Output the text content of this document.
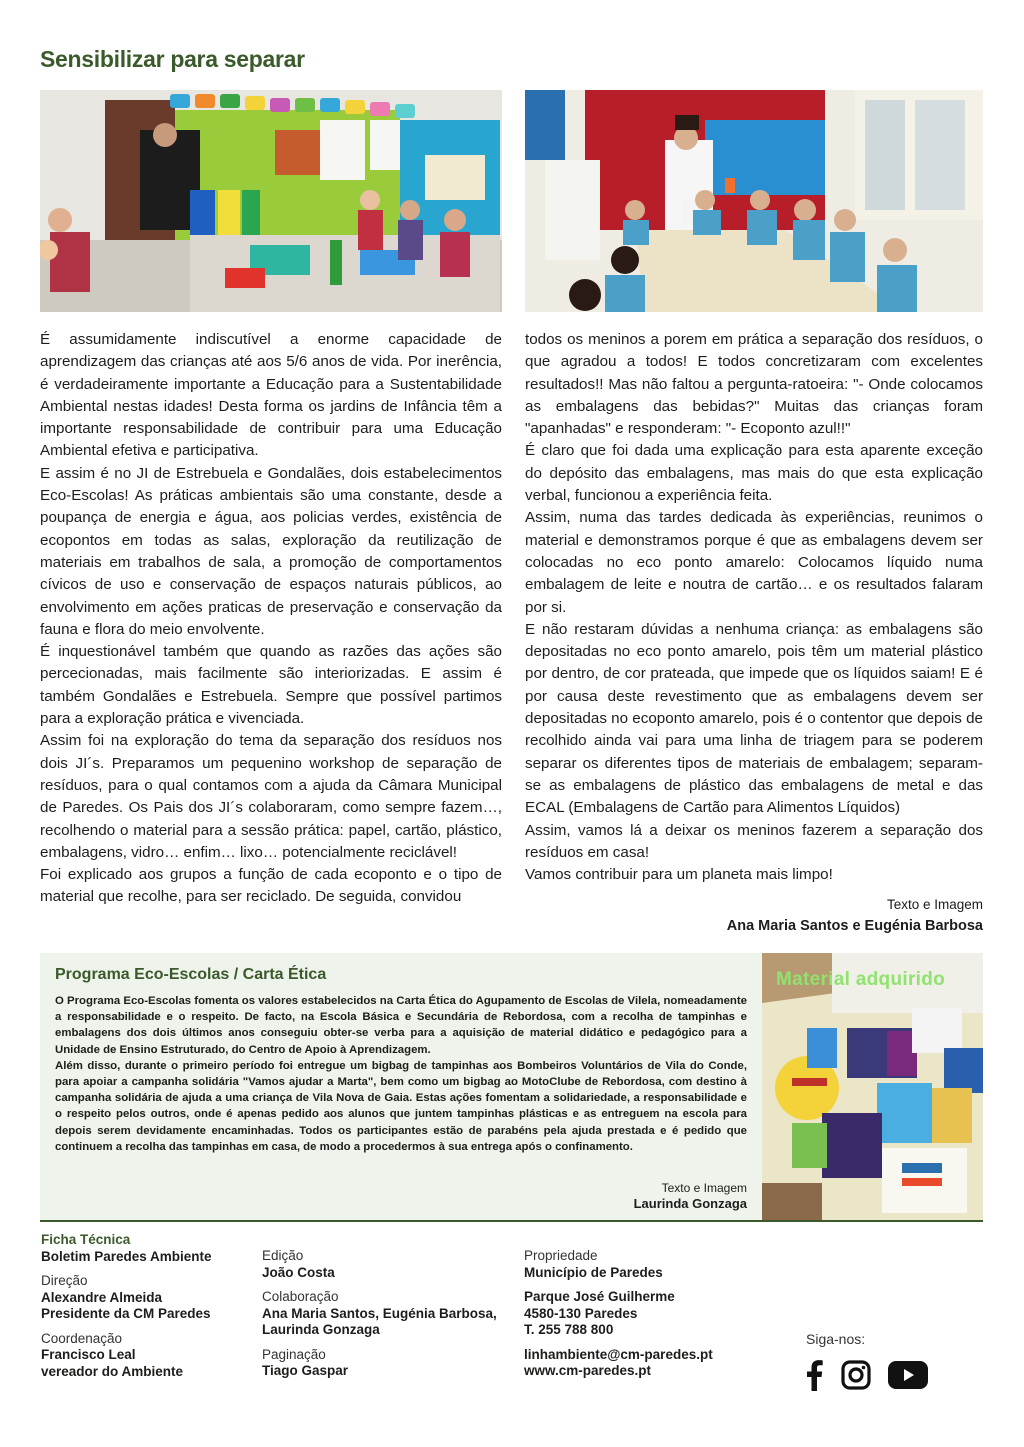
Sensibilizar para separar

É assumidamente indiscutível a enorme capacidade de aprendizagem das crianças até aos 5/6 anos de vida. Por inerência, é verdadeiramente importante a Educação para a Sustentabilidade Ambiental nestas idades! Desta forma os jardins de Infância têm a importante responsabilidade de contribuir para uma Educação Ambiental efetiva e participativa.

E assim é no JI de Estrebuela e Gondalães, dois estabelecimentos Eco-Escolas! As práticas ambientais são uma constante, desde a poupança de energia e água, aos policias verdes, existência de ecopontos em todas as salas, exploração da reutilização de materiais em trabalhos de sala, a promoção de comportamentos cívicos de uso e conservação de espaços naturais públicos, ao envolvimento em ações praticas de preservação e conservação da fauna e flora do meio envolvente.

É inquestionável também que quando as razões das ações são percecionadas, mais facilmente são interiorizadas. E assim é também Gondalães e Estrebuela. Sempre que possível partimos para a exploração prática e vivenciada.

Assim foi na exploração do tema da separação dos resíduos nos dois JI´s. Preparamos um pequenino workshop de separação de resíduos, para o qual contamos com a ajuda da Câmara Municipal de Paredes. Os Pais dos JI´s colaboraram, como sempre fazem…, recolhendo o material para a sessão prática: papel, cartão, plástico, embalagens, vidro… enfim… lixo… potencialmente reciclável!

Foi explicado aos grupos a função de cada ecoponto e o tipo de material que recolhe, para ser reciclado. De seguida, convidou

todos os meninos a porem em prática a separação dos resíduos, o que agradou a todos! E todos concretizaram com excelentes resultados!! Mas não faltou a pergunta-ratoeira: "- Onde colocamos as embalagens das bebidas?" Muitas das crianças foram "apanhadas" e responderam: "- Ecoponto azul!!"

É claro que foi dada uma explicação para esta aparente exceção do depósito das embalagens, mas mais do que esta explicação verbal, funcionou a experiência feita.

Assim, numa das tardes dedicada às experiências, reunimos o material e demonstramos porque é que as embalagens devem ser colocadas no eco ponto amarelo: Colocamos líquido numa embalagem de leite e noutra de cartão… e os resultados falaram por si.

E não restaram dúvidas a nenhuma criança: as embalagens são depositadas no eco ponto amarelo, pois têm um material plástico por dentro, de cor prateada, que impede que os líquidos saiam! E é por causa deste revestimento que as embalagens devem ser depositadas no ecoponto amarelo, pois é o contentor que depois de recolhido ainda vai para uma linha de triagem para se poderem separar os diferentes tipos de materiais de embalagem; separam-se as embalagens de plástico das embalagens de metal e das ECAL (Embalagens de Cartão para Alimentos Líquidos)

Assim, vamos lá a deixar os meninos fazerem a separação dos resíduos em casa!

Vamos contribuir para um planeta mais limpo!

Texto e Imagem
Ana Maria Santos e Eugénia Barbosa
Programa Eco-Escolas / Carta Ética

O Programa Eco-Escolas fomenta os valores estabelecidos na Carta Ética do Agupamento de Escolas de Vilela, nomeadamente a responsabilidade e o respeito. De facto, na Escola Básica e Secundária de Rebordosa, com a recolha de tampinhas e embalagens dos dois últimos anos conseguiu obter-se verba para a aquisição de material didático e pedagógico para a Unidade de Ensino Estruturado, do Centro de Apoio à Aprendizagem.

Além disso, durante o primeiro período foi entregue um bigbag de tampinhas aos Bombeiros Voluntários de Vila do Conde, para apoiar a campanha solidária "Vamos ajudar a Marta", bem como um bigbag ao MotoClube de Rebordosa, com destino à campanha solidária de ajuda a uma criança de Vila Nova de Gaia. Estas ações fomentam a solidariedade, a responsabilidade e o respeito pelos outros, onde é apenas pedido aos alunos que juntem tampinhas plásticas e as entreguem na escola para depois serem devidamente encaminhadas. Todos os participantes estão de parabéns pela ajuda prestada e é pedido que continuem a recolha das tampinhas em casa, de modo a procedermos à sua entrega após o confinamento.

Texto e Imagem
Laurinda Gonzaga
Material adquirido
Ficha Técnica
Boletim Paredes Ambiente
Direção
Alexandre Almeida
Presidente da CM Paredes
Coordenação
Francisco Leal
vereador do Ambiente
Edição
João Costa
Colaboração
Ana Maria Santos, Eugénia Barbosa,
Laurinda Gonzaga
Paginação
Tiago Gaspar
Propriedade
Município de Paredes
Parque José Guilherme
4580-130 Paredes
T. 255 788 800
linhambiente@cm-paredes.pt
www.cm-paredes.pt
Siga-nos:
